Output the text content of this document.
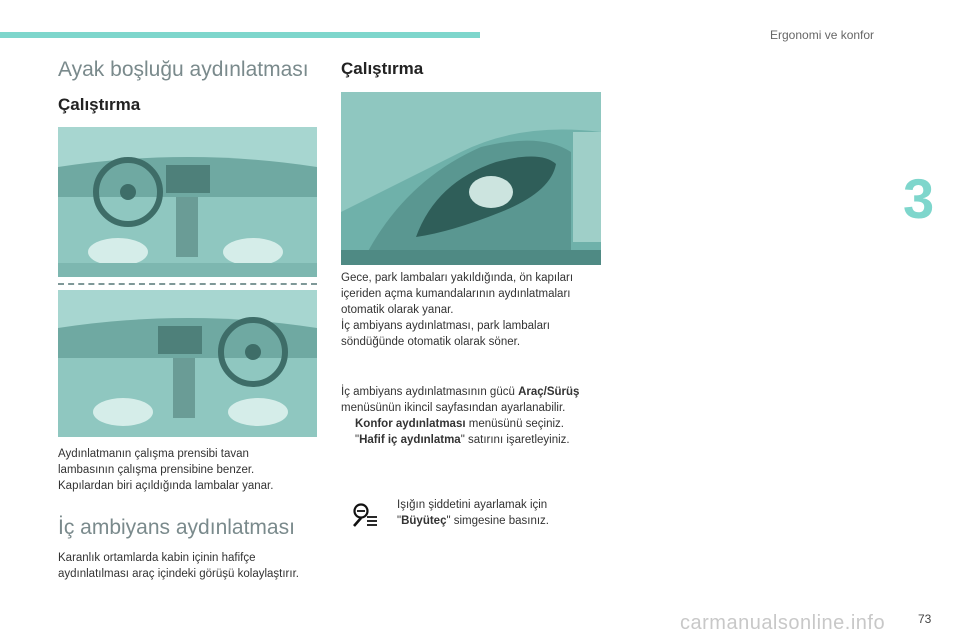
Ergonomi ve konfor
3
Ayak boşluğu aydınlatması
Çalıştırma
Aydınlatmanın çalışma prensibi tavan
lambasının çalışma prensibine benzer.
Kapılardan biri açıldığında lambalar yanar.
İç ambiyans aydınlatması
Karanlık ortamlarda kabin içinin hafifçe
aydınlatılması araç içindeki görüşü kolaylaştırır.
Çalıştırma
Gece, park lambaları yakıldığında, ön kapıları
içeriden açma kumandalarının aydınlatmaları
otomatik olarak yanar.
İç ambiyans aydınlatması, park lambaları
söndüğünde otomatik olarak söner.
İç ambiyans aydınlatmasının gücü Araç/Sürüş
menüsünün ikincil sayfasından ayarlanabilir.
Konfor aydınlatması menüsünü seçiniz.
"Hafif iç aydınlatma" satırını işaretleyiniz.
Işığın şiddetini ayarlamak için
"Büyüteç" simgesine basınız.
carmanualsonline.info	73
